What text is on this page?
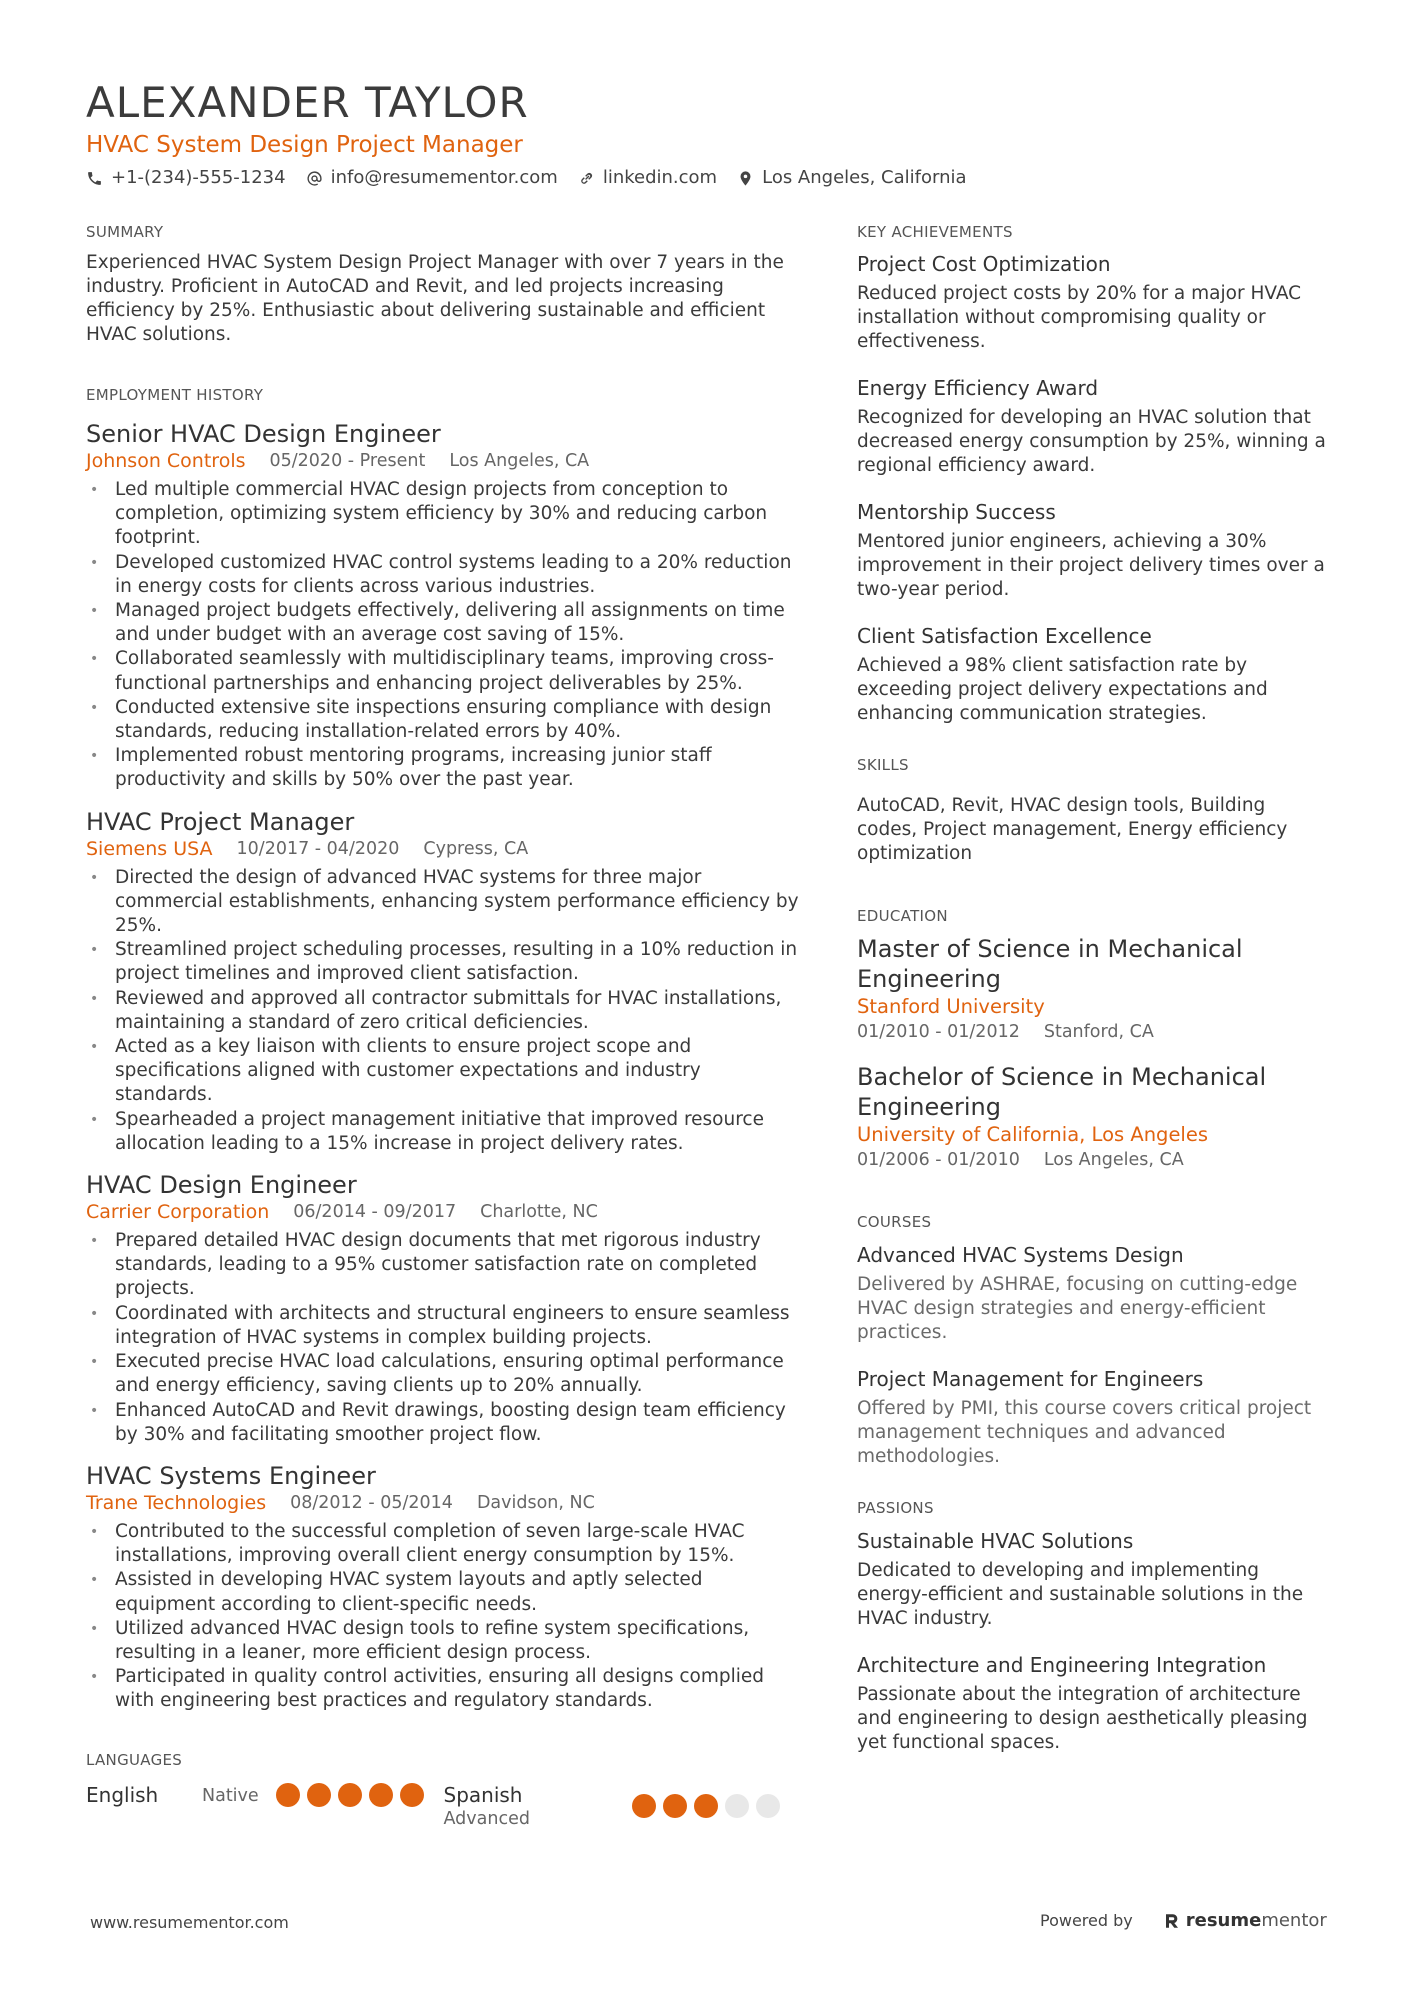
ALEXANDER TAYLOR
HVAC System Design Project Manager
+1-(234)-555-1234	info@resumementor.com	linkedin.com	Los Angeles, California
SUMMARY
Experienced HVAC System Design Project Manager with over 7 years in the industry. Proficient in AutoCAD and Revit, and led projects increasing efficiency by 25%. Enthusiastic about delivering sustainable and efficient HVAC solutions.
EMPLOYMENT HISTORY
Senior HVAC Design Engineer
Johnson Controls 05/2020 - Present Los Angeles, CA
• Led multiple commercial HVAC design projects from conception to completion, optimizing system efficiency by 30% and reducing carbon footprint.
• Developed customized HVAC control systems leading to a 20% reduction in energy costs for clients across various industries.
• Managed project budgets effectively, delivering all assignments on time and under budget with an average cost saving of 15%.
• Collaborated seamlessly with multidisciplinary teams, improving cross-functional partnerships and enhancing project deliverables by 25%.
• Conducted extensive site inspections ensuring compliance with design standards, reducing installation-related errors by 40%.
• Implemented robust mentoring programs, increasing junior staff productivity and skills by 50% over the past year.
HVAC Project Manager
Siemens USA 10/2017 - 04/2020 Cypress, CA
• Directed the design of advanced HVAC systems for three major commercial establishments, enhancing system performance efficiency by 25%.
• Streamlined project scheduling processes, resulting in a 10% reduction in project timelines and improved client satisfaction.
• Reviewed and approved all contractor submittals for HVAC installations, maintaining a standard of zero critical deficiencies.
• Acted as a key liaison with clients to ensure project scope and specifications aligned with customer expectations and industry standards.
• Spearheaded a project management initiative that improved resource allocation leading to a 15% increase in project delivery rates.
HVAC Design Engineer
Carrier Corporation 06/2014 - 09/2017 Charlotte, NC
• Prepared detailed HVAC design documents that met rigorous industry standards, leading to a 95% customer satisfaction rate on completed projects.
• Coordinated with architects and structural engineers to ensure seamless integration of HVAC systems in complex building projects.
• Executed precise HVAC load calculations, ensuring optimal performance and energy efficiency, saving clients up to 20% annually.
• Enhanced AutoCAD and Revit drawings, boosting design team efficiency by 30% and facilitating smoother project flow.
HVAC Systems Engineer
Trane Technologies 08/2012 - 05/2014 Davidson, NC
• Contributed to the successful completion of seven large-scale HVAC installations, improving overall client energy consumption by 15%.
• Assisted in developing HVAC system layouts and aptly selected equipment according to client-specific needs.
• Utilized advanced HVAC design tools to refine system specifications, resulting in a leaner, more efficient design process.
• Participated in quality control activities, ensuring all designs complied with engineering best practices and regulatory standards.
LANGUAGES
English	Native	Spanish
Advanced
KEY ACHIEVEMENTS
Project Cost Optimization
Reduced project costs by 20% for a major HVAC installation without compromising quality or effectiveness.
Energy Efficiency Award
Recognized for developing an HVAC solution that decreased energy consumption by 25%, winning a regional efficiency award.
Mentorship Success
Mentored junior engineers, achieving a 30% improvement in their project delivery times over a two-year period.
Client Satisfaction Excellence
Achieved a 98% client satisfaction rate by exceeding project delivery expectations and enhancing communication strategies.
SKILLS
AutoCAD, Revit, HVAC design tools, Building codes, Project management, Energy efficiency optimization
EDUCATION
Master of Science in Mechanical Engineering
Stanford University
01/2010 - 01/2012 Stanford, CA
Bachelor of Science in Mechanical Engineering
University of California, Los Angeles
01/2006 - 01/2010 Los Angeles, CA
COURSES
Advanced HVAC Systems Design
Delivered by ASHRAE, focusing on cutting-edge HVAC design strategies and energy-efficient practices.
Project Management for Engineers
Offered by PMI, this course covers critical project management techniques and advanced methodologies.
PASSIONS
Sustainable HVAC Solutions
Dedicated to developing and implementing energy-efficient and sustainable solutions in the HVAC industry.
Architecture and Engineering Integration
Passionate about the integration of architecture and engineering to design aesthetically pleasing yet functional spaces.
www.resumementor.com	Powered by	resume mentor
